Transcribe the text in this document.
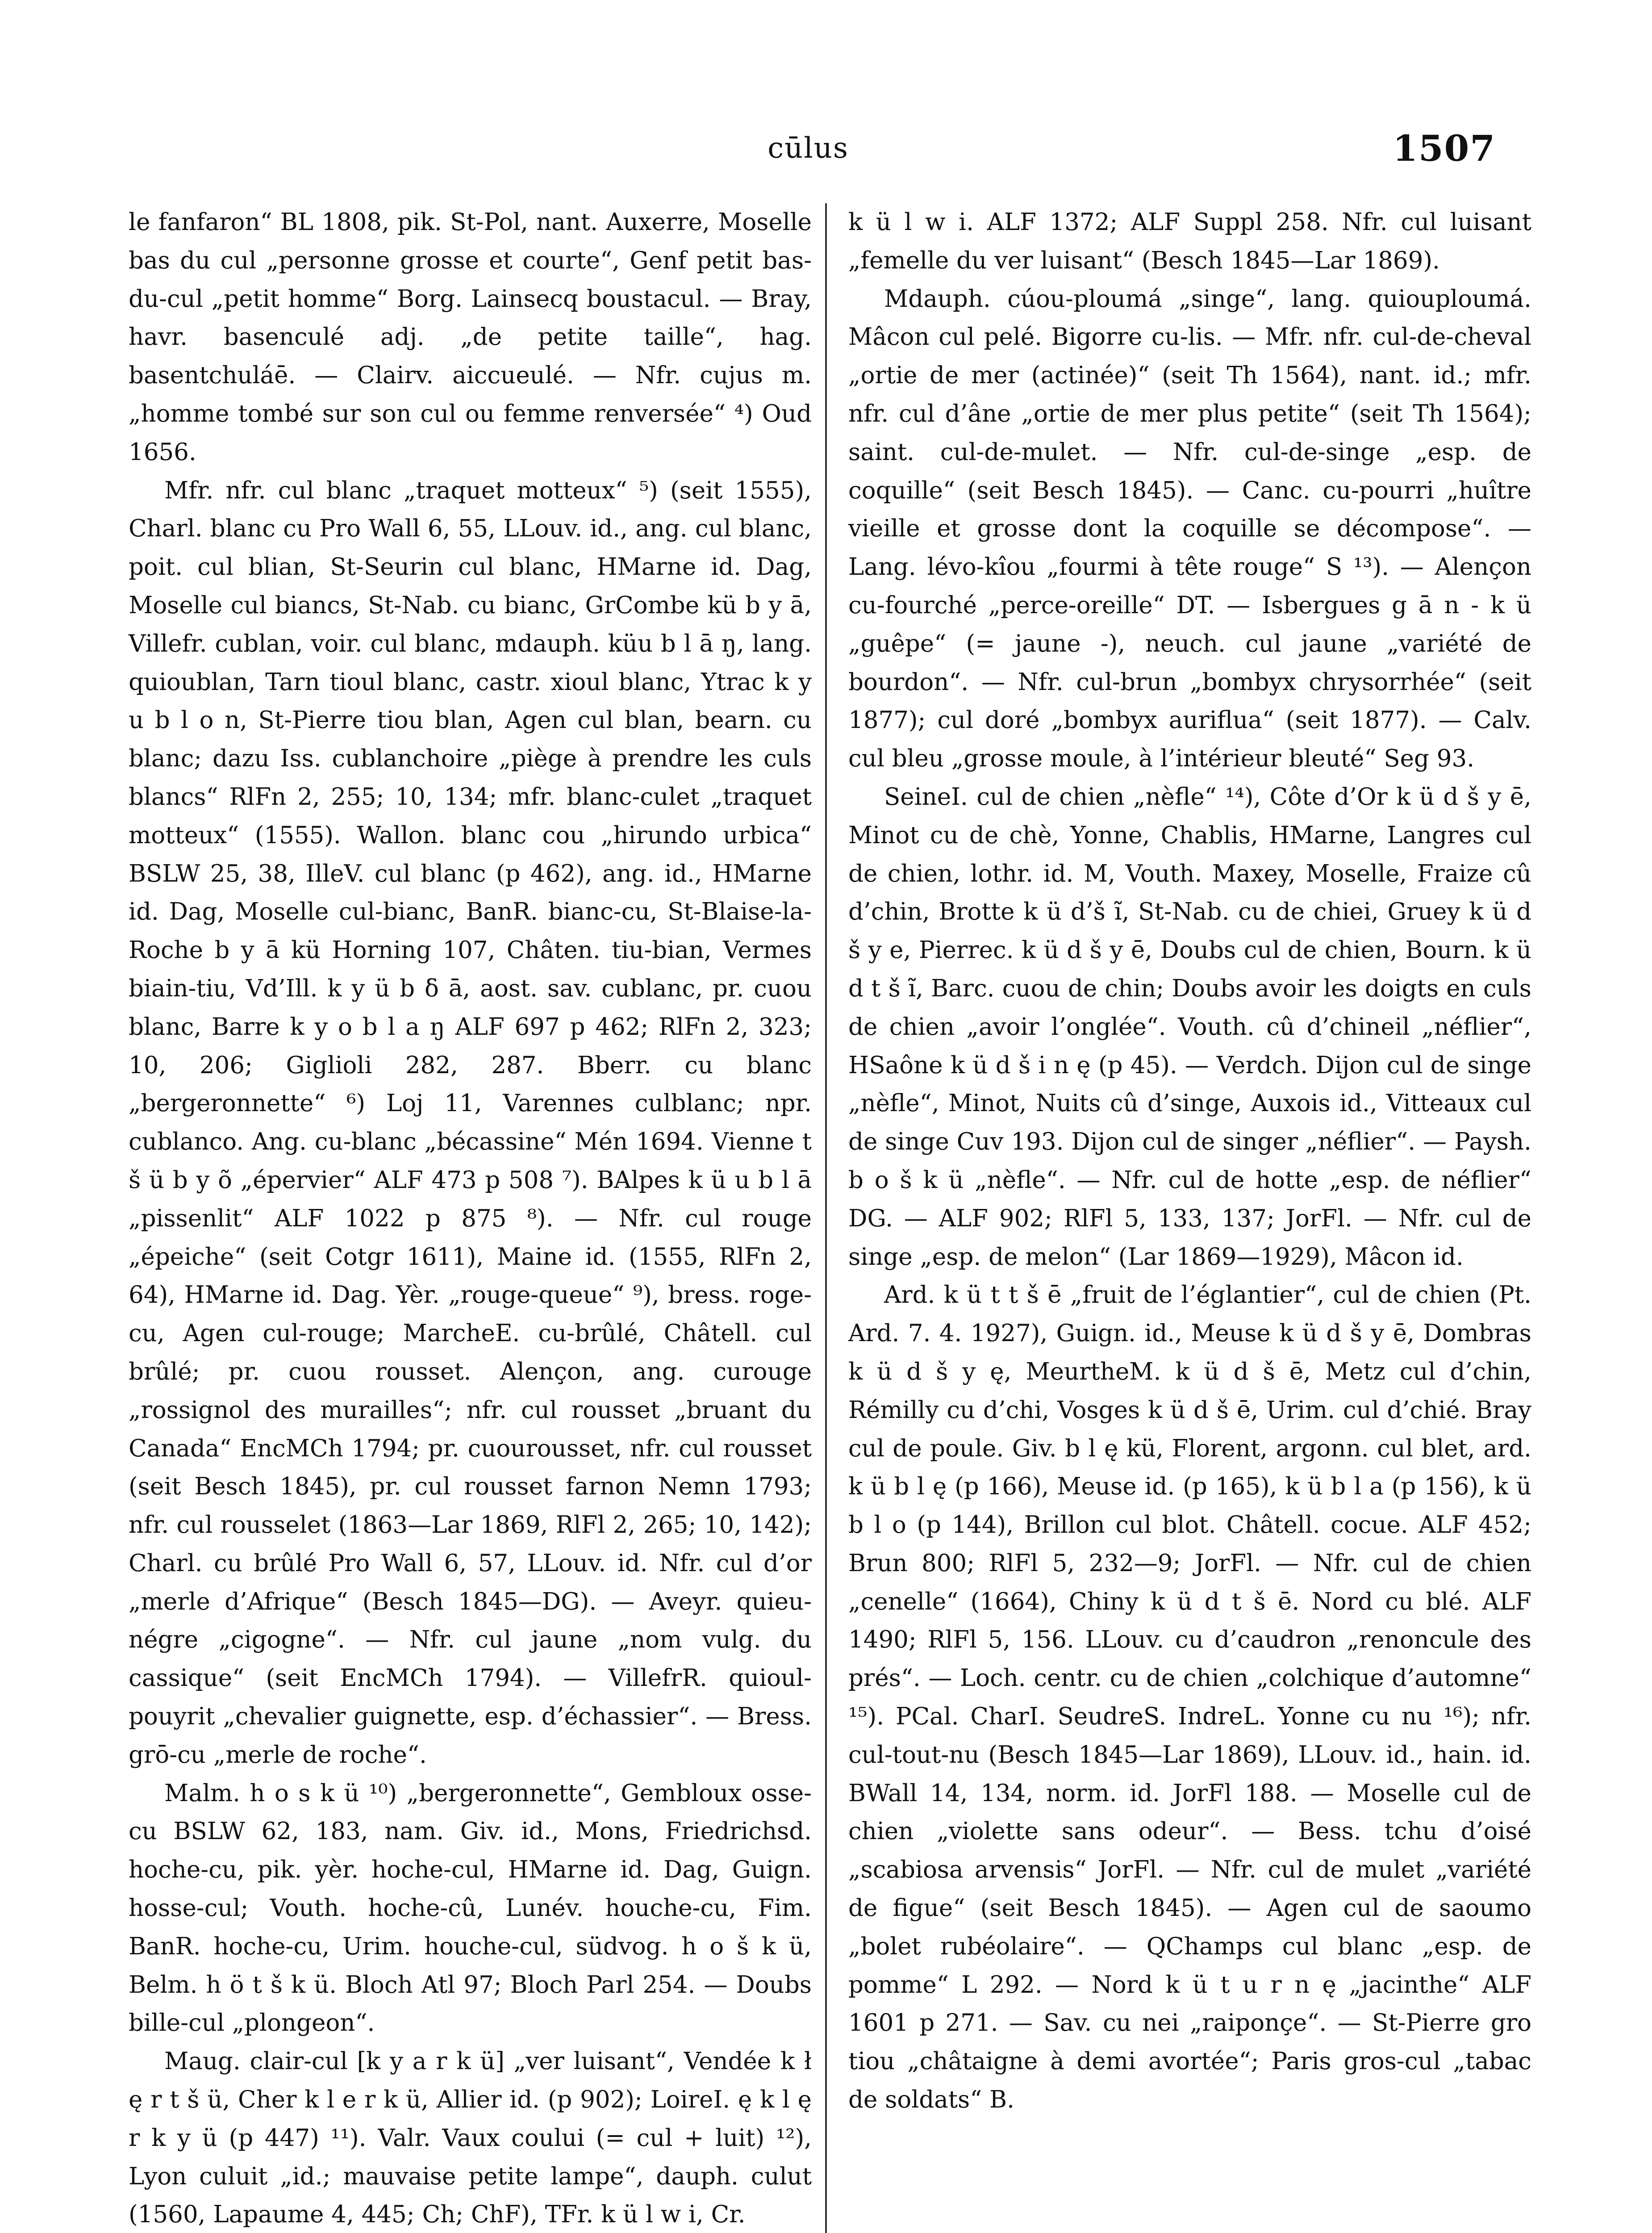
cūlus	1507

le fanfaron“ BL 1808, pik. St-Pol, nant. Auxerre, Moselle bas du cul „personne grosse et courte“, Genf petit bas-du-cul „petit homme“ Borg. Lainsecq boustacul. — Bray, havr. basenculé adj. „de petite taille“, hag. basentchuláē. — Clairv. aiccueulé. — Nfr. cujus m. „homme tombé sur son cul ou femme renversée“ ⁴) Oud 1656.

Mfr. nfr. cul blanc „traquet motteux“ ⁵) (seit 1555), Charl. blanc cu Pro Wall 6, 55, LLouv. id., ang. cul blanc, poit. cul blian, St-Seurin cul blanc, HMarne id. Dag, Moselle cul biancs, St-Nab. cu bianc, GrCombe kü b y ā, Villefr. cublan, voir. cul blanc, mdauph. küu b l ā ŋ, lang. quioublan, Tarn tioul blanc, castr. xioul blanc, Ytrac k y u b l o n, St-Pierre tiou blan, Agen cul blan, bearn. cu blanc; dazu Iss. cublanchoire „piège à prendre les culs blancs“ RlFn 2, 255; 10, 134; mfr. blanc-culet „traquet motteux“ (1555). Wallon. blanc cou „hirundo urbica“ BSLW 25, 38, IlleV. cul blanc (p 462), ang. id., HMarne id. Dag, Moselle cul-bianc, BanR. bianc-cu, St-Blaise-la-Roche b y ā kü Horning 107, Châten. tiu-bian, Vermes biain-tiu, Vd’Ill. k y ü b δ ā, aost. sav. cublanc, pr. cuou blanc, Barre k y o b l a ŋ ALF 697 p 462; RlFn 2, 323; 10, 206; Giglioli 282, 287. Bberr. cu blanc „bergeronnette“ ⁶) Loj 11, Varennes culblanc; npr. cublanco. Ang. cu-blanc „bécassine“ Mén 1694. Vienne t š ü b y õ „épervier“ ALF 473 p 508 ⁷). BAlpes k ü u b l ā „pissenlit“ ALF 1022 p 875 ⁸). — Nfr. cul rouge „épeiche“ (seit Cotgr 1611), Maine id. (1555, RlFn 2, 64), HMarne id. Dag. Yèr. „rouge-queue“ ⁹), bress. roge-cu, Agen cul-rouge; MarcheE. cu-brûlé, Châtell. cul brûlé; pr. cuou rousset. Alençon, ang. curouge „rossignol des murailles“; nfr. cul rousset „bruant du Canada“ EncMCh 1794; pr. cuourousset, nfr. cul rousset (seit Besch 1845), pr. cul rousset farnon Nemn 1793; nfr. cul rousselet (1863—Lar 1869, RlFl 2, 265; 10, 142); Charl. cu brûlé Pro Wall 6, 57, LLouv. id. Nfr. cul d’or „merle d’Afrique“ (Besch 1845—DG). — Aveyr. quieu-négre „cigogne“. — Nfr. cul jaune „nom vulg. du cassique“ (seit EncMCh 1794). — VillefrR. quioul-pouyrit „chevalier guignette, esp. d’échassier“. — Bress. grō-cu „merle de roche“.

Malm. h o s k ü ¹⁰) „bergeronnette“, Gembloux osse-cu BSLW 62, 183, nam. Giv. id., Mons, Friedrichsd. hoche-cu, pik. yèr. hoche-cul, HMarne id. Dag, Guign. hosse-cul; Vouth. hoche-cû, Lunév. houche-cu, Fim. BanR. hoche-cu, Urim. houche-cul, südvog. h o š k ü, Belm. h ö t š k ü. Bloch Atl 97; Bloch Parl 254. — Doubs bille-cul „plongeon“.

Maug. clair-cul [k y a r k ü] „ver luisant“, Vendée k ł ę r t š ü, Cher k l e r k ü, Allier id. (p 902); LoireI. ę k l ę r k y ü (p 447) ¹¹). Valr. Vaux coului (= cul + luit) ¹²), Lyon culuit „id.; mauvaise petite lampe“, dauph. culut (1560, Lapaume 4, 445; Ch; ChF), TFr. k ü l w i, Cr.

k ü l w i. ALF 1372; ALF Suppl 258. Nfr. cul luisant „femelle du ver luisant“ (Besch 1845—Lar 1869).

Mdauph. cúou-ploumá „singe“, lang. quiouploumá. Mâcon cul pelé. Bigorre cu-lis. — Mfr. nfr. cul-de-cheval „ortie de mer (actinée)“ (seit Th 1564), nant. id.; mfr. nfr. cul d’âne „ortie de mer plus petite“ (seit Th 1564); saint. cul-de-mulet. — Nfr. cul-de-singe „esp. de coquille“ (seit Besch 1845). — Canc. cu-pourri „huître vieille et grosse dont la coquille se décompose“. — Lang. lévo-kîou „fourmi à tête rouge“ S ¹³). — Alençon cu-fourché „perce-oreille“ DT. — Isbergues g ā n - k ü „guêpe“ (= jaune -), neuch. cul jaune „variété de bourdon“. — Nfr. cul-brun „bombyx chrysorrhée“ (seit 1877); cul doré „bombyx auriflua“ (seit 1877). — Calv. cul bleu „grosse moule, à l’intérieur bleuté“ Seg 93.

SeineI. cul de chien „nèfle“ ¹⁴), Côte d’Or k ü d š y ē, Minot cu de chè, Yonne, Chablis, HMarne, Langres cul de chien, lothr. id. M, Vouth. Maxey, Moselle, Fraize cû d’chin, Brotte k ü d’š ĩ, St-Nab. cu de chiei, Gruey k ü d š y e, Pierrec. k ü d š y ē, Doubs cul de chien, Bourn. k ü d t š ĩ, Barc. cuou de chin; Doubs avoir les doigts en culs de chien „avoir l’onglée“. Vouth. cû d’chineil „néflier“, HSaône k ü d š i n ę (p 45). — Verdch. Dijon cul de singe „nèfle“, Minot, Nuits cû d’singe, Auxois id., Vitteaux cul de singe Cuv 193. Dijon cul de singer „néflier“. — Paysh. b o š k ü „nèfle“. — Nfr. cul de hotte „esp. de néflier“ DG. — ALF 902; RlFl 5, 133, 137; JorFl. — Nfr. cul de singe „esp. de melon“ (Lar 1869—1929), Mâcon id.

Ard. k ü t t š ē „fruit de l’églantier“, cul de chien (Pt. Ard. 7. 4. 1927), Guign. id., Meuse k ü d š y ē, Dombras k ü d š y ę, MeurtheM. k ü d š ē, Metz cul d’chin, Rémilly cu d’chi, Vosges k ü d š ē, Urim. cul d’chié. Bray cul de poule. Giv. b l ę kü, Florent, argonn. cul blet, ard. k ü b l ę (p 166), Meuse id. (p 165), k ü b l a (p 156), k ü b l o (p 144), Brillon cul blot. Châtell. cocue. ALF 452; Brun 800; RlFl 5, 232—9; JorFl. — Nfr. cul de chien „cenelle“ (1664), Chiny k ü d t š ē. Nord cu blé. ALF 1490; RlFl 5, 156. LLouv. cu d’caudron „renoncule des prés“. — Loch. centr. cu de chien „colchique d’automne“ ¹⁵). PCal. CharI. SeudreS. IndreL. Yonne cu nu ¹⁶); nfr. cul-tout-nu (Besch 1845—Lar 1869), LLouv. id., hain. id. BWall 14, 134, norm. id. JorFl 188. — Moselle cul de chien „violette sans odeur“. — Bess. tchu d’oisé „scabiosa arvensis“ JorFl. — Nfr. cul de mulet „variété de figue“ (seit Besch 1845). — Agen cul de saoumo „bolet rubéolaire“. — QChamps cul blanc „esp. de pomme“ L 292. — Nord k ü t u r n ę „jacinthe“ ALF 1601 p 271. — Sav. cu nei „raiponçe“. — St-Pierre gro tiou „châtaigne à demi avortée“; Paris gros-cul „tabac de soldats“ B.
